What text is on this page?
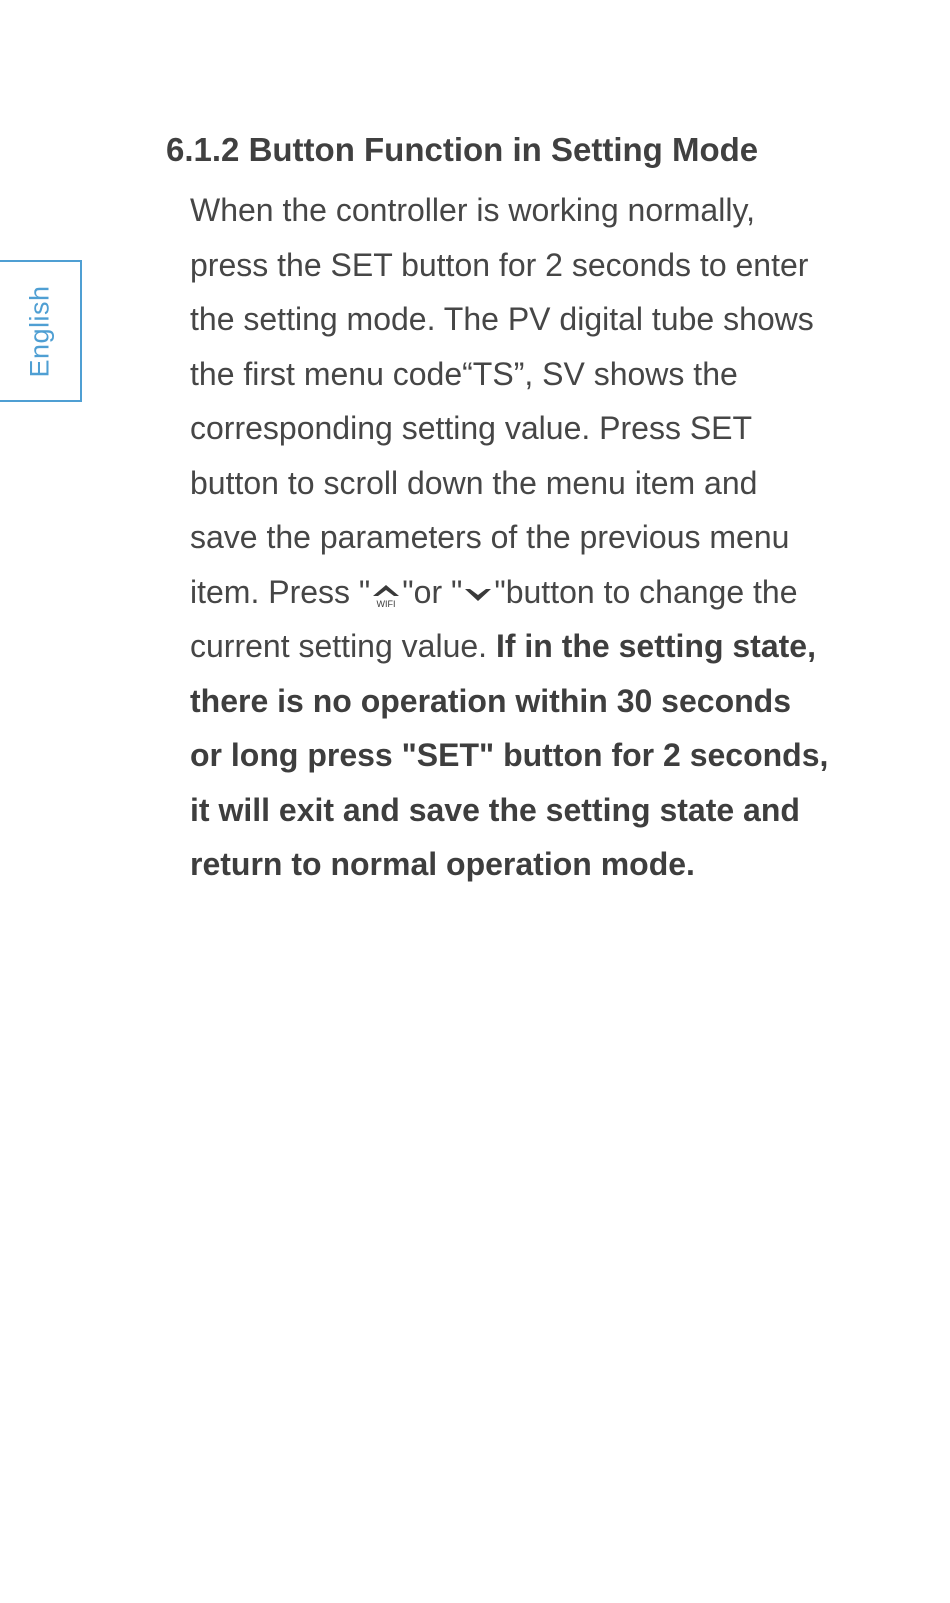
English
6.1.2 Button Function in Setting Mode

When the controller is working normally, press the SET button for 2 seconds to enter the setting mode. The PV digital tube shows the first menu code“TS”, SV shows the corresponding setting value. Press SET button to scroll down the menu item and save the parameters of the previous menu item. Press " WIFI "or " "button to change the current setting value. If in the setting state, there is no operation within 30 seconds or long press "SET" button for 2 seconds, it will exit and save the setting state and return to normal operation mode.
